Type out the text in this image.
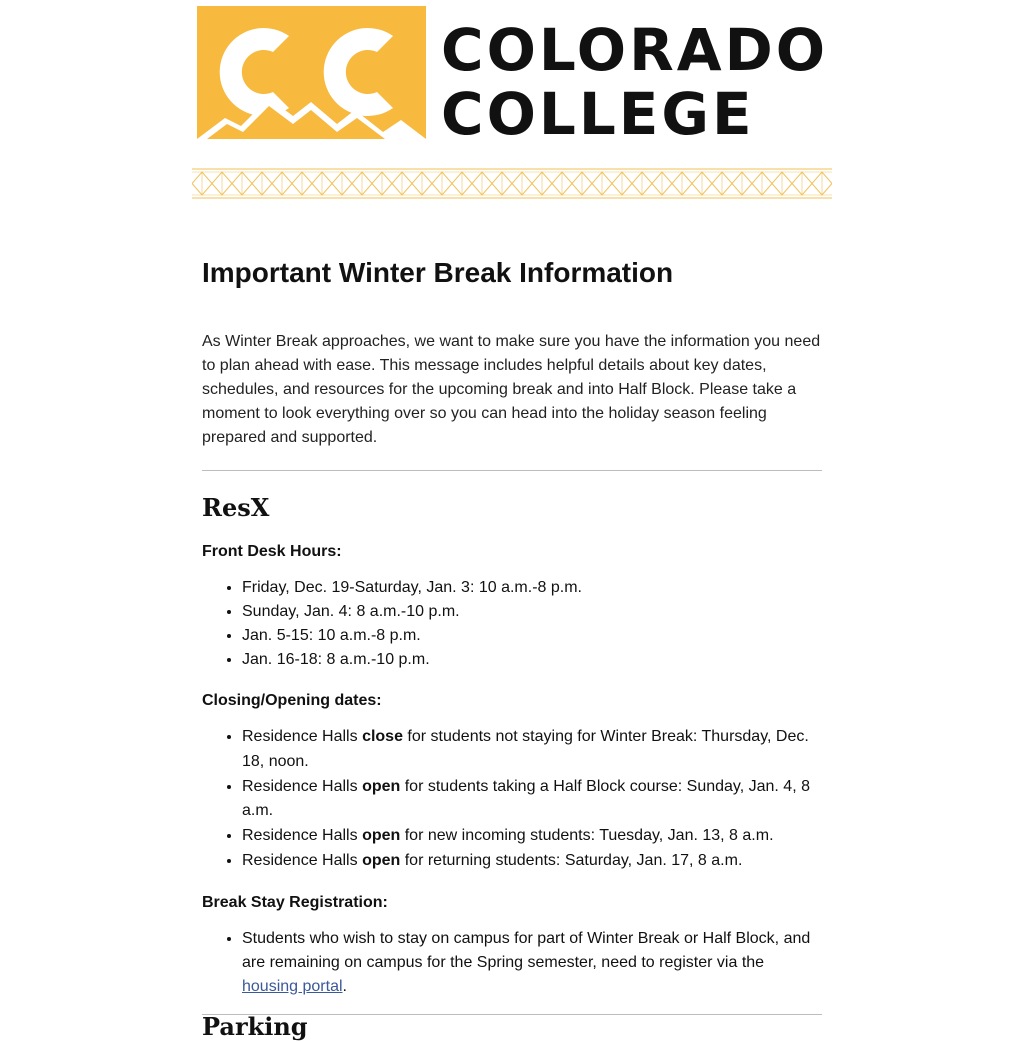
COLORADO
COLLEGE
Important Winter Break Information

As Winter Break approaches, we want to make sure you have the information you need to plan ahead with ease. This message includes helpful details about key dates, schedules, and resources for the upcoming break and into Half Block. Please take a moment to look everything over so you can head into the holiday season feeling prepared and supported.

ResX
Front Desk Hours:
• Friday, Dec. 19-Saturday, Jan. 3: 10 a.m.-8 p.m.
• Sunday, Jan. 4: 8 a.m.-10 p.m.
• Jan. 5-15: 10 a.m.-8 p.m.
• Jan. 16-18: 8 a.m.-10 p.m.
Closing/Opening dates:
• Residence Halls close for students not staying for Winter Break: Thursday, Dec. 18, noon.
• Residence Halls open for students taking a Half Block course: Sunday, Jan. 4, 8 a.m.
• Residence Halls open for new incoming students: Tuesday, Jan. 13, 8 a.m.
• Residence Halls open for returning students: Saturday, Jan. 17, 8 a.m.
Break Stay Registration:
• Students who wish to stay on campus for part of Winter Break or Half Block, and are remaining on campus for the Spring semester, need to register via the housing portal.
Parking
